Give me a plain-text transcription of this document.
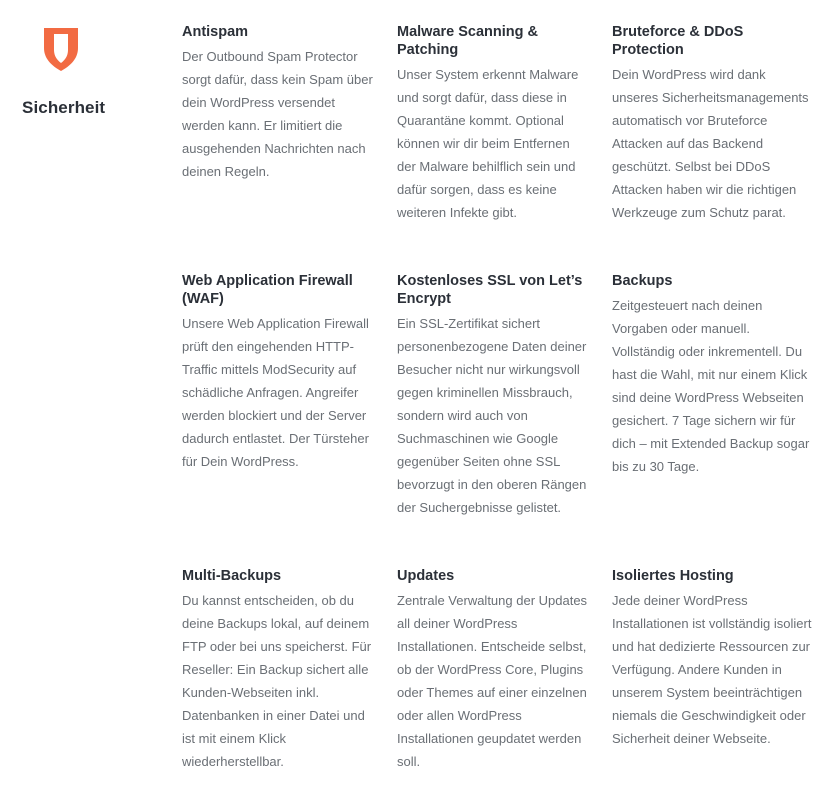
Sicherheit
Antispam

Der Outbound Spam Protector sorgt dafür, dass kein Spam über dein WordPress versendet werden kann. Er limitiert die ausgehenden Nachrichten nach deinen Regeln.

Malware Scanning & Patching

Unser System erkennt Malware und sorgt dafür, dass diese in Quarantäne kommt. Optional können wir dir beim Entfernen der Malware behilflich sein und dafür sorgen, dass es keine weiteren Infekte gibt.

Bruteforce & DDoS Protection

Dein WordPress wird dank unseres Sicherheitsmanagements automatisch vor Bruteforce Attacken auf das Backend geschützt. Selbst bei DDoS Attacken haben wir die richtigen Werkzeuge zum Schutz parat.

Web Application Firewall (WAF)

Unsere Web Application Firewall prüft den eingehenden HTTP-Traffic mittels ModSecurity auf schädliche Anfragen. Angreifer werden blockiert und der Server dadurch entlastet. Der Türsteher für Dein WordPress.

Kostenloses SSL von Let’s Encrypt

Ein SSL-Zertifikat sichert personenbezogene Daten deiner Besucher nicht nur wirkungsvoll gegen kriminellen Missbrauch, sondern wird auch von Suchmaschinen wie Google gegenüber Seiten ohne SSL bevorzugt in den oberen Rängen der Suchergebnisse gelistet.

Backups

Zeitgesteuert nach deinen Vorgaben oder manuell. Vollständig oder inkrementell. Du hast die Wahl, mit nur einem Klick sind deine WordPress Webseiten gesichert. 7 Tage sichern wir für dich – mit Extended Backup sogar bis zu 30 Tage.

Multi-Backups

Du kannst entscheiden, ob du deine Backups lokal, auf deinem FTP oder bei uns speicherst. Für Reseller: Ein Backup sichert alle Kunden-Webseiten inkl. Datenbanken in einer Datei und ist mit einem Klick wiederherstellbar.

Updates

Zentrale Verwaltung der Updates all deiner WordPress Installationen. Entscheide selbst, ob der WordPress Core, Plugins oder Themes auf einer einzelnen oder allen WordPress Installationen geupdatet werden soll.

Isoliertes Hosting

Jede deiner WordPress Installationen ist vollständig isoliert und hat dedizierte Ressourcen zur Verfügung. Andere Kunden in unserem System beeinträchtigen niemals die Geschwindigkeit oder Sicherheit deiner Webseite.
